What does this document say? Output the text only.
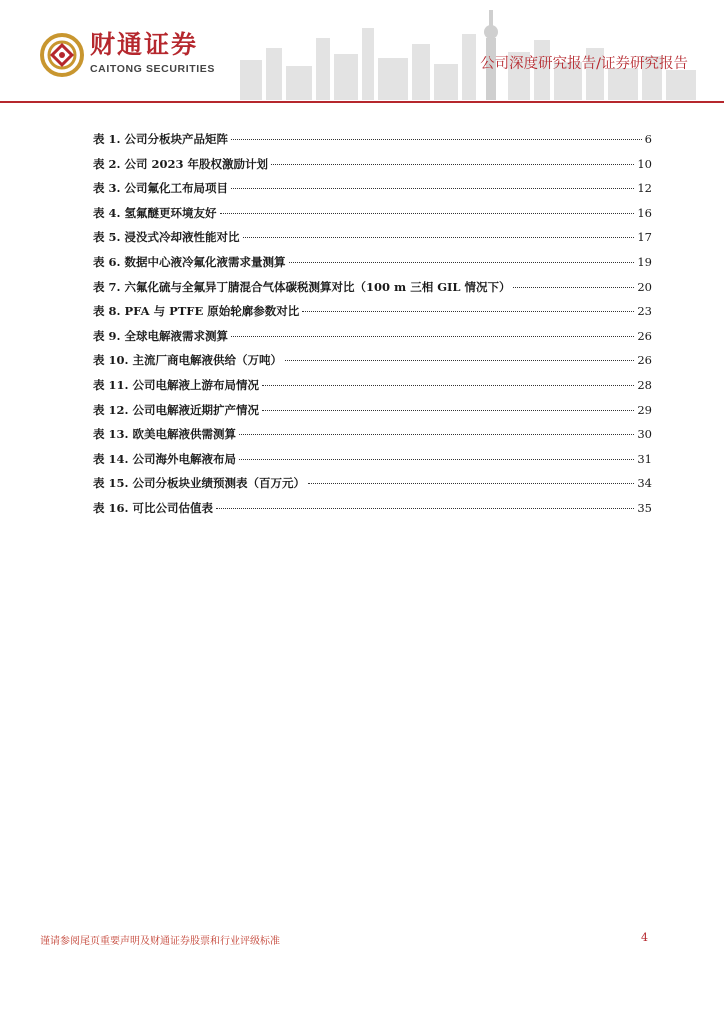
财通证券

CAITONG SECURITIES	公司深度研究报告/证券研究报告
表 1. 公司分板块产品矩阵	6
表 2. 公司 2023 年股权激励计划	10
表 3. 公司氟化工布局项目	12
表 4. 氢氟醚更环境友好	16
表 5. 浸没式冷却液性能对比	17
表 6. 数据中心液冷氟化液需求量测算	19
表 7. 六氟化硫与全氟异丁腈混合气体碳税测算对比（100 m 三相 GIL 情况下）	20
表 8. PFA 与 PTFE 原始轮廓参数对比	23
表 9. 全球电解液需求测算	26
表 10. 主流厂商电解液供给（万吨）	26
表 11. 公司电解液上游布局情况	28
表 12. 公司电解液近期扩产情况	29
表 13. 欧美电解液供需测算	30
表 14. 公司海外电解液布局	31
表 15. 公司分板块业绩预测表（百万元）	34
表 16. 可比公司估值表	35
谨请参阅尾页重要声明及财通证券股票和行业评级标准	4
